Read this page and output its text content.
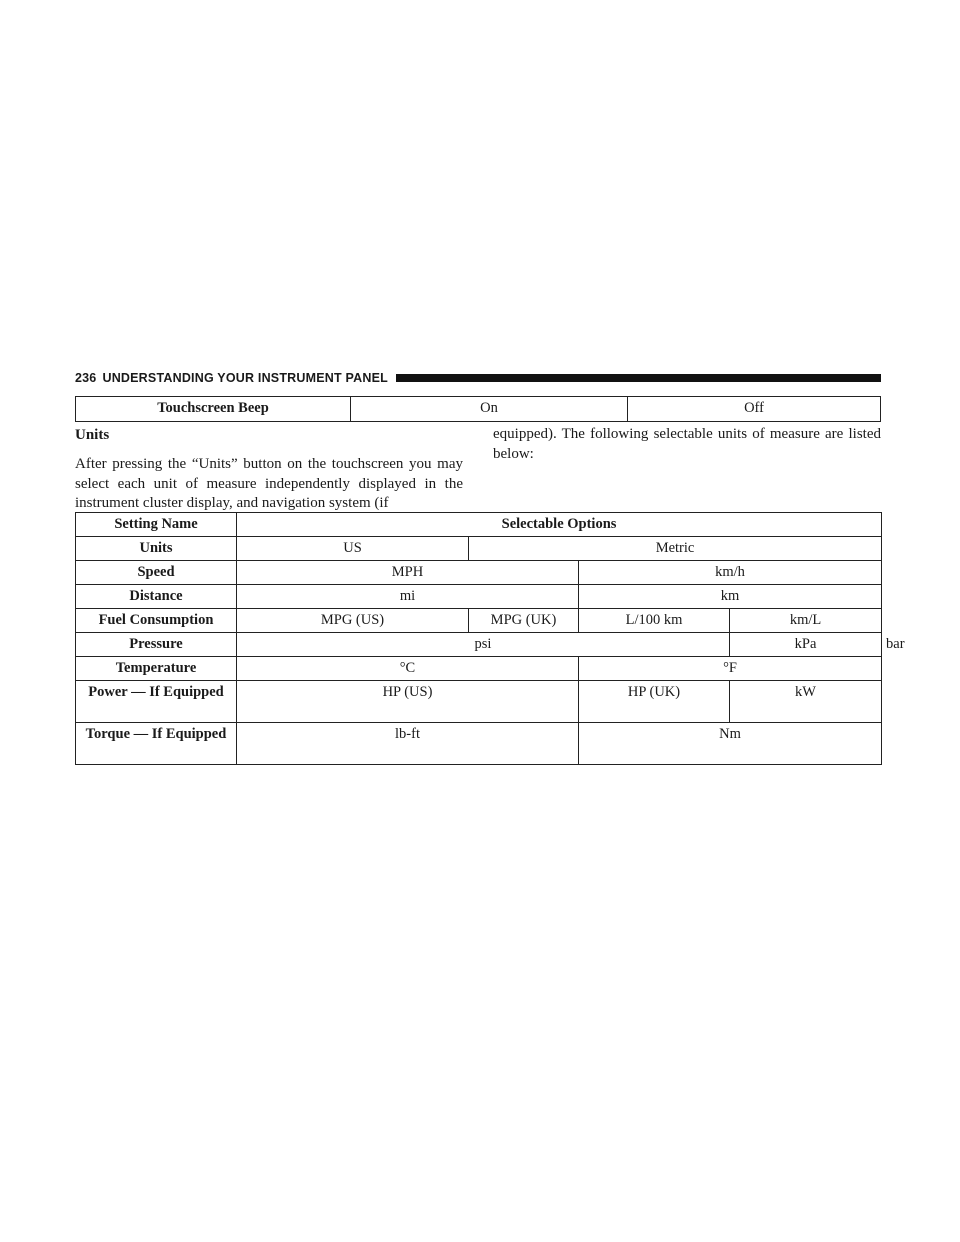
236 UNDERSTANDING YOUR INSTRUMENT PANEL
Touchscreen Beep	On	Off
Units

After pressing the “Units” button on the touchscreen you may select each unit of measure independently displayed in the instrument cluster display, and navigation system (if

equipped). The following selectable units of measure are listed below:

Setting Name	Selectable Options				
Units	US	Metric			
Speed	MPH		km/h		
Distance	mi		km		
Fuel Consumption	MPG (US)	MPG (UK)	L/100 km	km/L	
Pressure	psi			kPa	bar
Temperature	°C		°F		
Power — If Equipped	HP (US)		HP (UK)	kW	
Torque — If Equipped	lb-ft		Nm		
